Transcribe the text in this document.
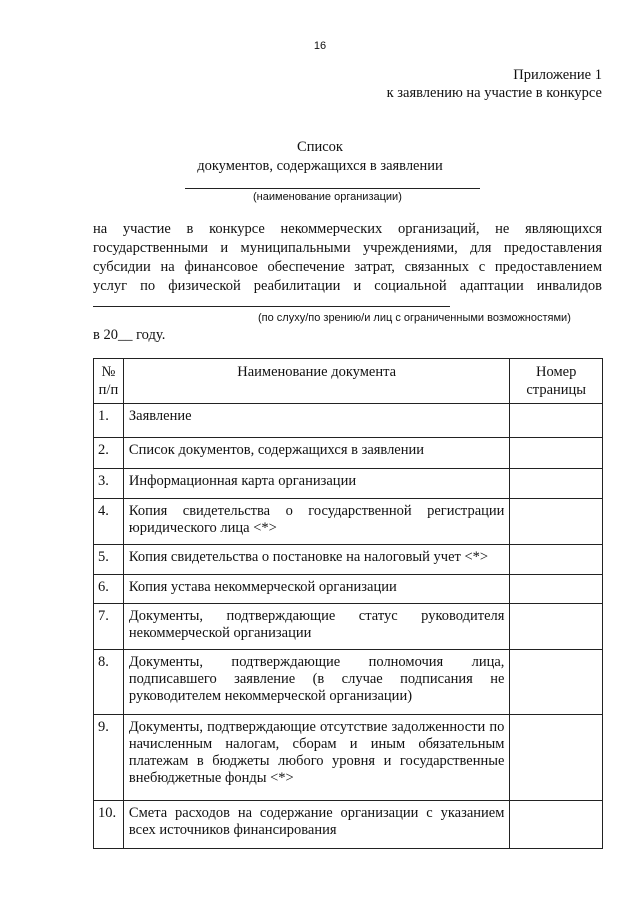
16
Приложение 1
к заявлению на участие в конкурсе
Список
документов, содержащихся в заявлении
(наименование организации)
на участие в конкурсе некоммерческих организаций, не являющихся
государственными и муниципальными учреждениями, для предоставления
субсидии на финансовое обеспечение затрат, связанных с предоставлением
услуг по физической реабилитации и социальной адаптации инвалидов
(по слуху/по зрению/и лиц с ограниченными возможностями)
в 20__ году.
№ п/п	Наименование документа	Номер страницы
1.	Заявление	
2.	Список документов, содержащихся в заявлении	
3.	Информационная карта организации	
4.	Копия свидетельства о государственной регистрации юридического лица <*>	
5.	Копия свидетельства о постановке на налоговый учет <*>	
6.	Копия устава некоммерческой организации	
7.	Документы, подтверждающие статус руководителя некоммерческой организации	
8.	Документы, подтверждающие полномочия лица, подписавшего заявление (в случае подписания не руководителем некоммерческой организации)	
9.	Документы, подтверждающие отсутствие задолженности по начисленным налогам, сборам и иным обязательным платежам в бюджеты любого уровня и государственные внебюджетные фонды <*>	
10.	Смета расходов на содержание организации с указанием всех источников финансирования	
